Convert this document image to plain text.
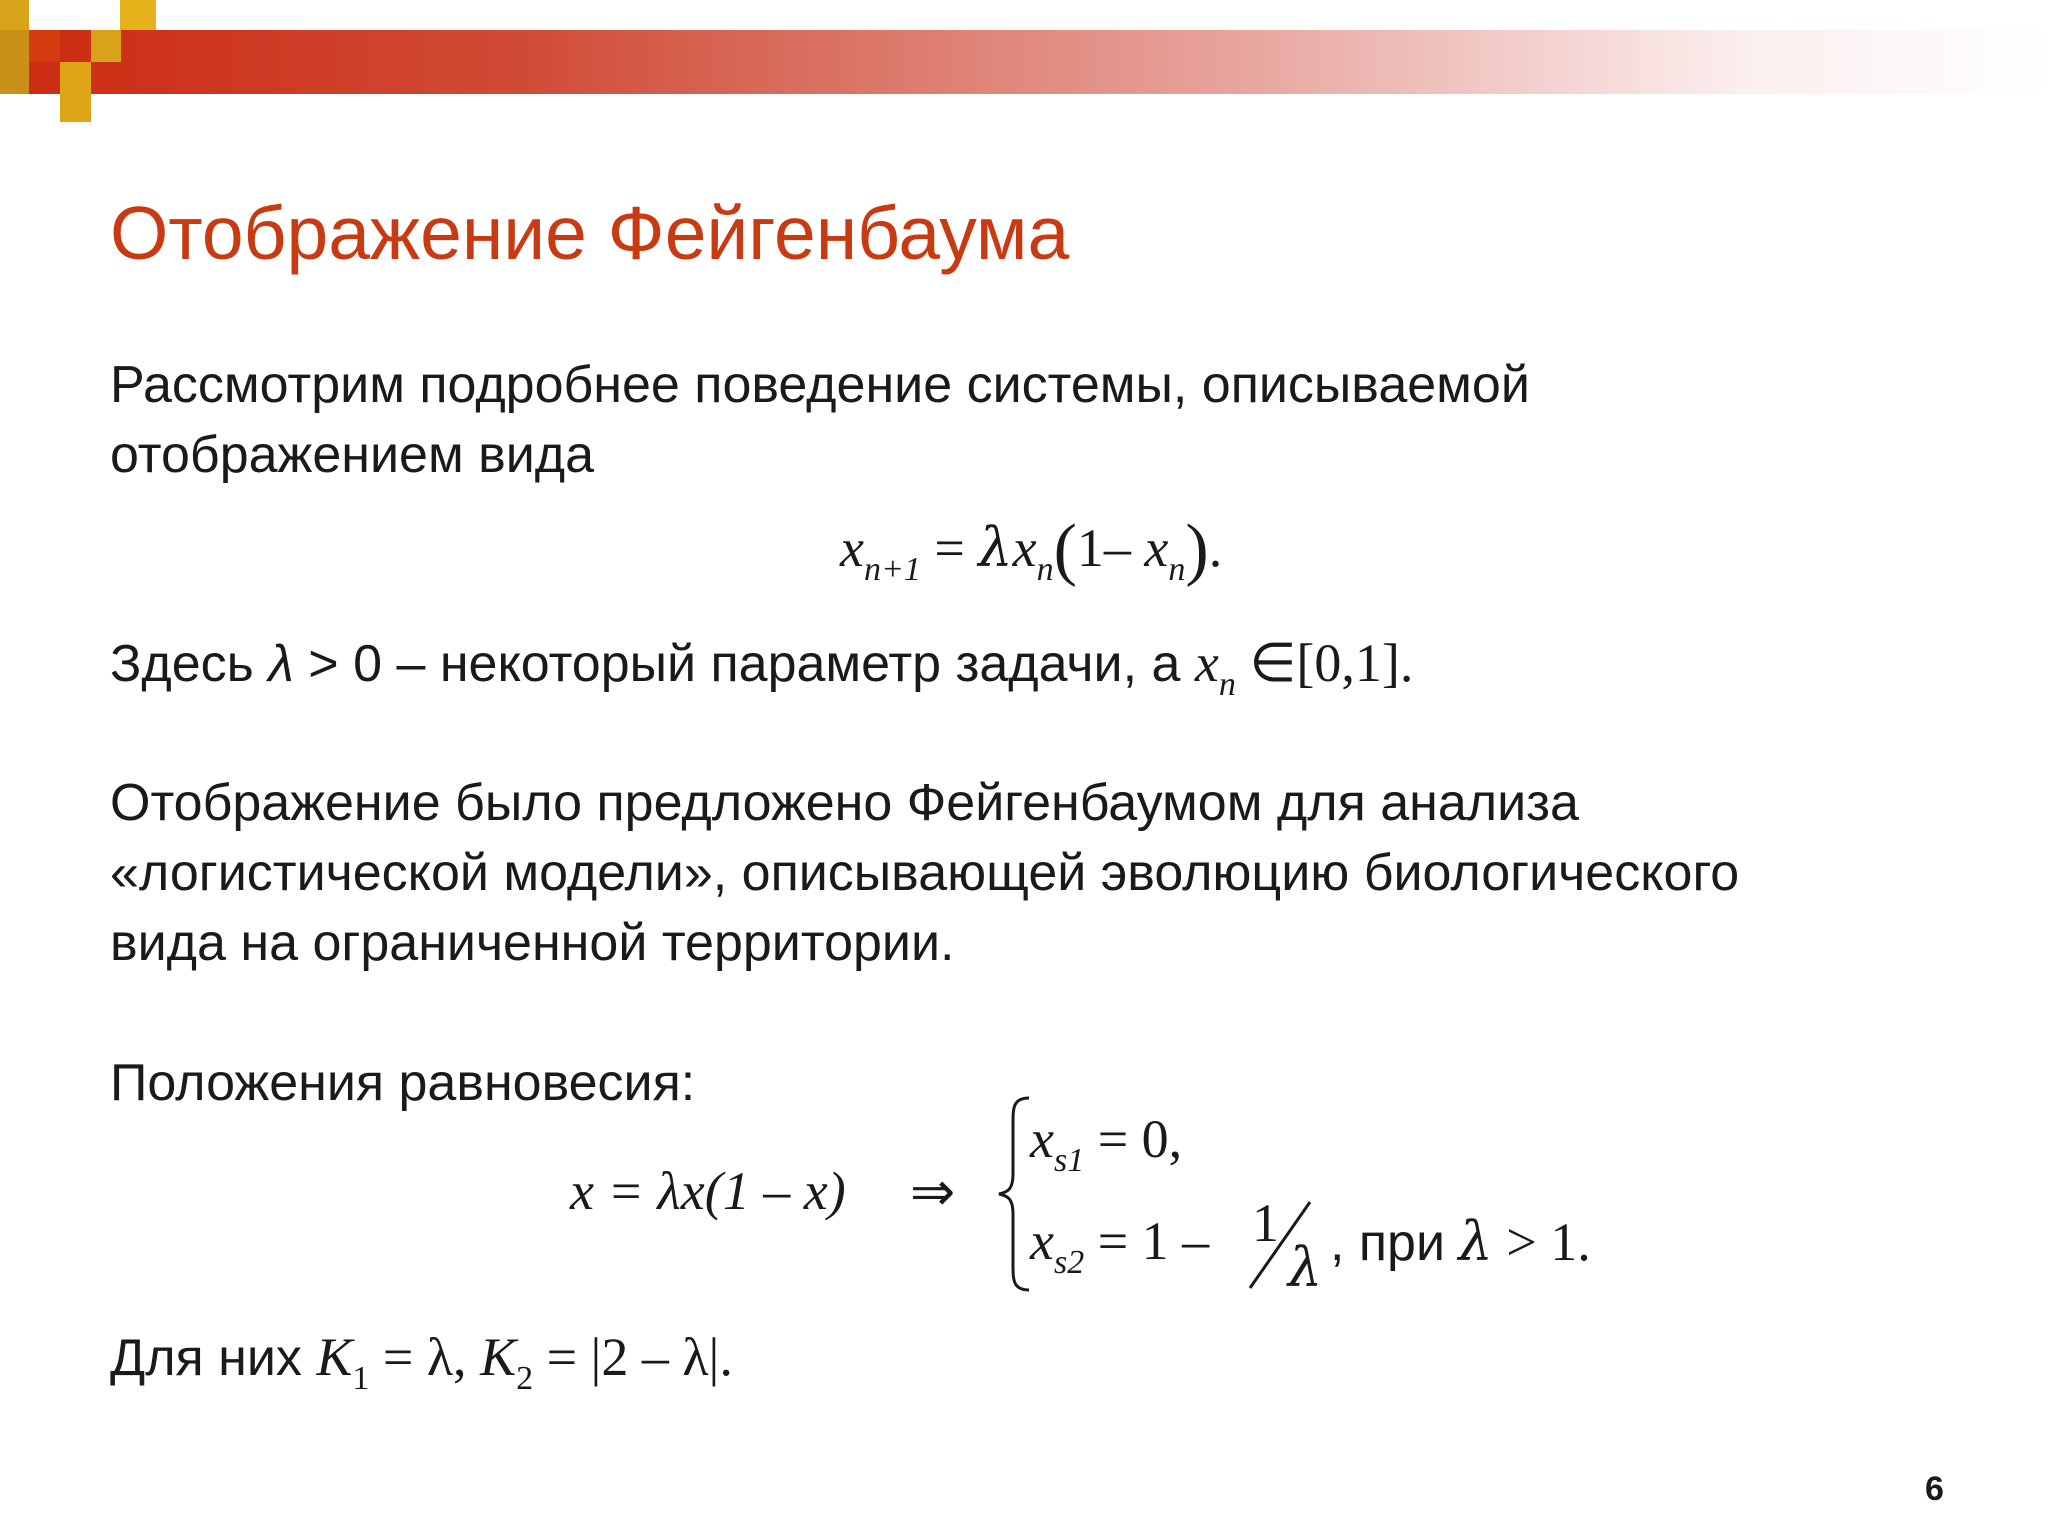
Отображение Фейгенбаума
Рассмотрим подробнее поведение системы, описываемой
отображением вида
$x_{n+1} = \lambda x_n(1-$ $x_n$).
Здесь λ > 0 – некоторый параметр задачи, а $x_n$ ∈[0,1].
Отображение было предложено Фейгенбаумом для анализа
«логистической модели», описывающей эволюцию биологического
вида на ограниченной территории.
Положения равновесия:
x = λx(1 – x) ⇒
$x_{s1} = 0$,
$x_{s2} = 1 - 1$
λ , при λ > 1.
Для них $K_1 = \lambda$, $K_2 = |2 - \lambda|$.
6
